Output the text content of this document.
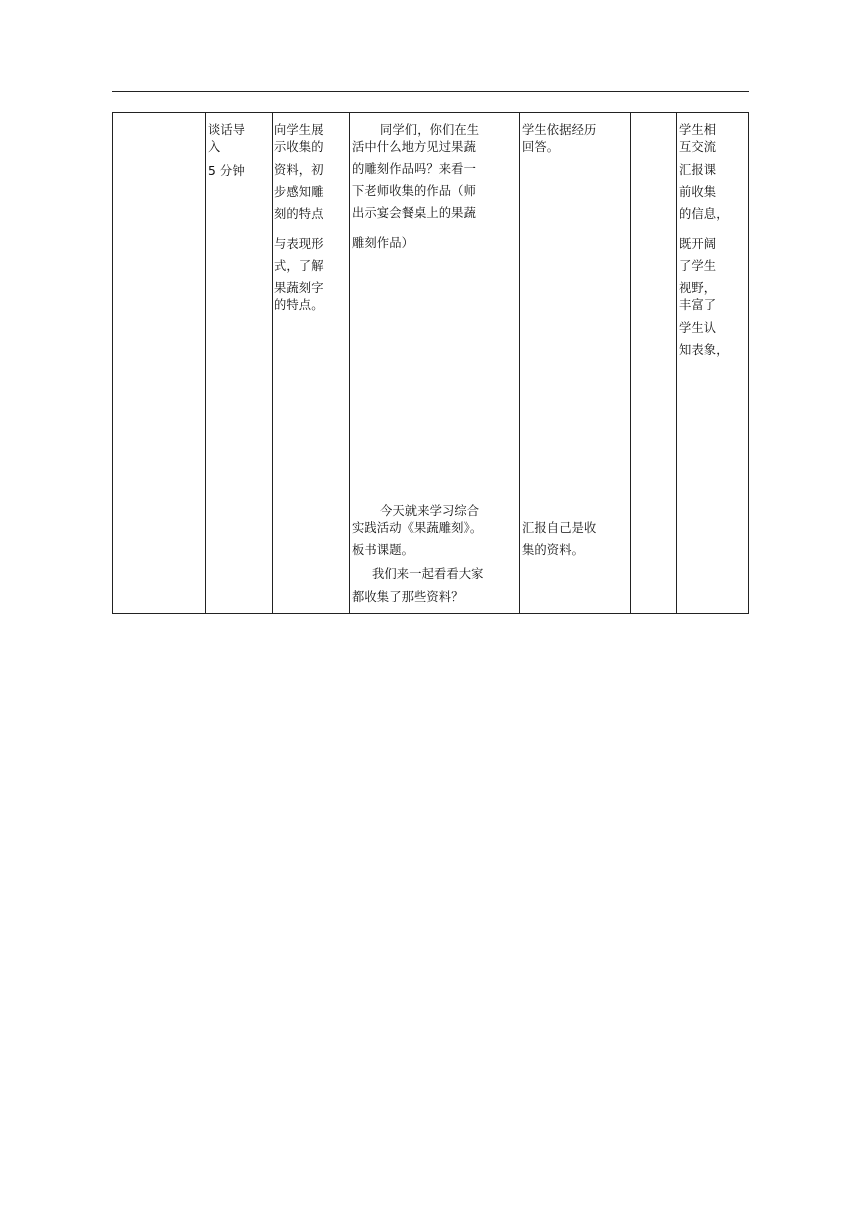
谈话导
入
5 分钟
向学生展
示收集的
资料，初
步感知雕
刻的特点
与表现形
式，了解
果蔬刻字
的特点。
同学们，你们在生
活中什么地方见过果蔬
的雕刻作品吗？来看一
下老师收集的作品（师
出示宴会餐桌上的果蔬
雕刻作品）
今天就来学习综合
实践活动《果蔬雕刻》。
板书课题。
我们来一起看看大家
都收集了那些资料？
学生依据经历
回答。
汇报自己是收
集的资料。
学生相
互交流
汇报课
前收集
的信息，
既开阔
了学生
视野，
丰富了
学生认
知表象，
